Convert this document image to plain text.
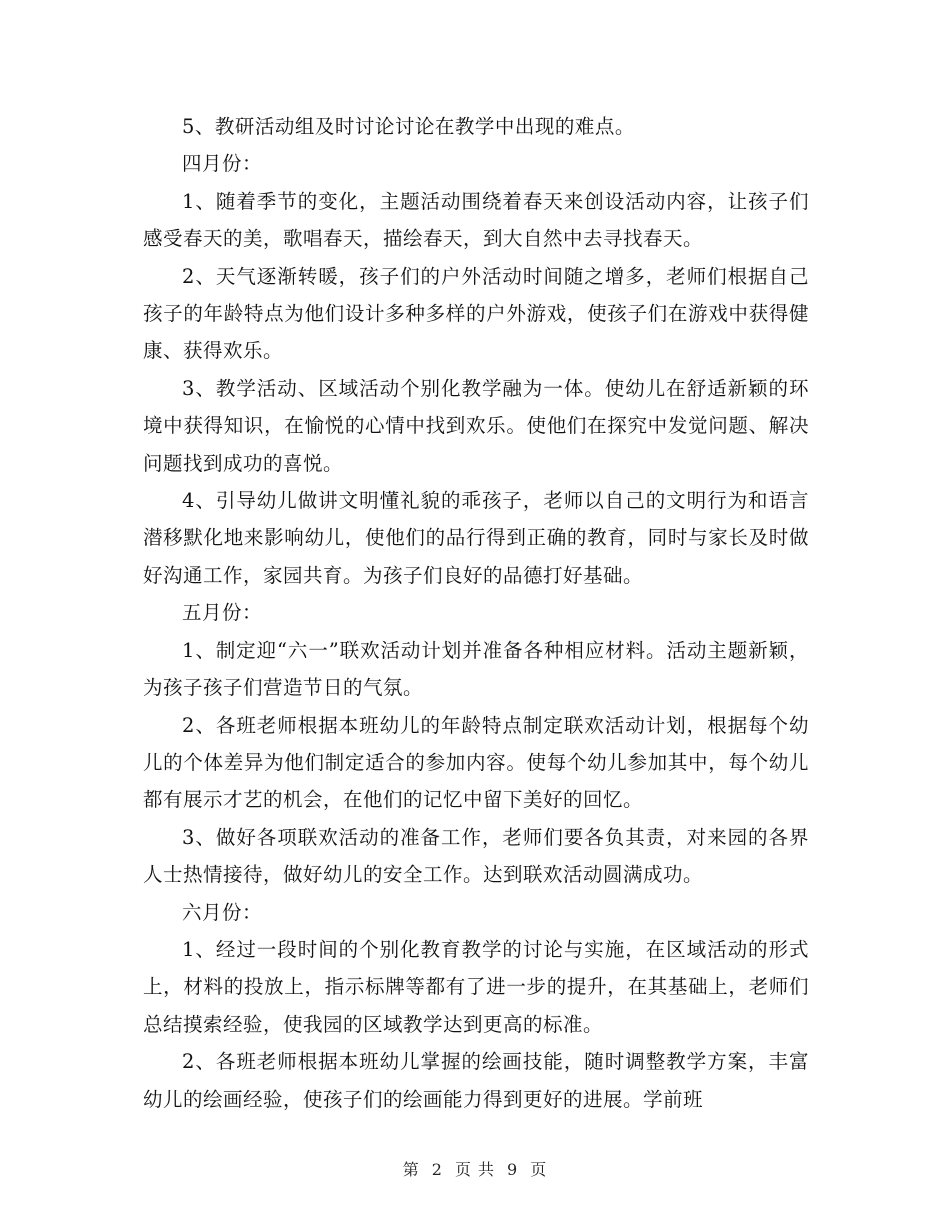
5、教研活动组及时讨论讨论在教学中出现的难点。

四月份：

1、随着季节的变化，主题活动围绕着春天来创设活动内容，让孩子们感受春天的美，歌唱春天，描绘春天，到大自然中去寻找春天。

2、天气逐渐转暖，孩子们的户外活动时间随之增多，老师们根据自己孩子的年龄特点为他们设计多种多样的户外游戏，使孩子们在游戏中获得健康、获得欢乐。

3、教学活动、区域活动个别化教学融为一体。使幼儿在舒适新颖的环境中获得知识，在愉悦的心情中找到欢乐。使他们在探究中发觉问题、解决问题找到成功的喜悦。

4、引导幼儿做讲文明懂礼貌的乖孩子，老师以自己的文明行为和语言潜移默化地来影响幼儿，使他们的品行得到正确的教育，同时与家长及时做好沟通工作，家园共育。为孩子们良好的品德打好基础。

五月份：

1、制定迎“六一”联欢活动计划并准备各种相应材料。活动主题新颖，为孩子孩子们营造节日的气氛。

2、各班老师根据本班幼儿的年龄特点制定联欢活动计划，根据每个幼儿的个体差异为他们制定适合的参加内容。使每个幼儿参加其中，每个幼儿都有展示才艺的机会，在他们的记忆中留下美好的回忆。

3、做好各项联欢活动的准备工作，老师们要各负其责，对来园的各界人士热情接待，做好幼儿的安全工作。达到联欢活动圆满成功。

六月份：

1、经过一段时间的个别化教育教学的讨论与实施，在区域活动的形式上，材料的投放上，指示标牌等都有了进一步的提升，在其基础上，老师们总结摸索经验，使我园的区域教学达到更高的标准。

2、各班老师根据本班幼儿掌握的绘画技能，随时调整教学方案，丰富幼儿的绘画经验，使孩子们的绘画能力得到更好的进展。学前班

第 2 页 共 9 页
